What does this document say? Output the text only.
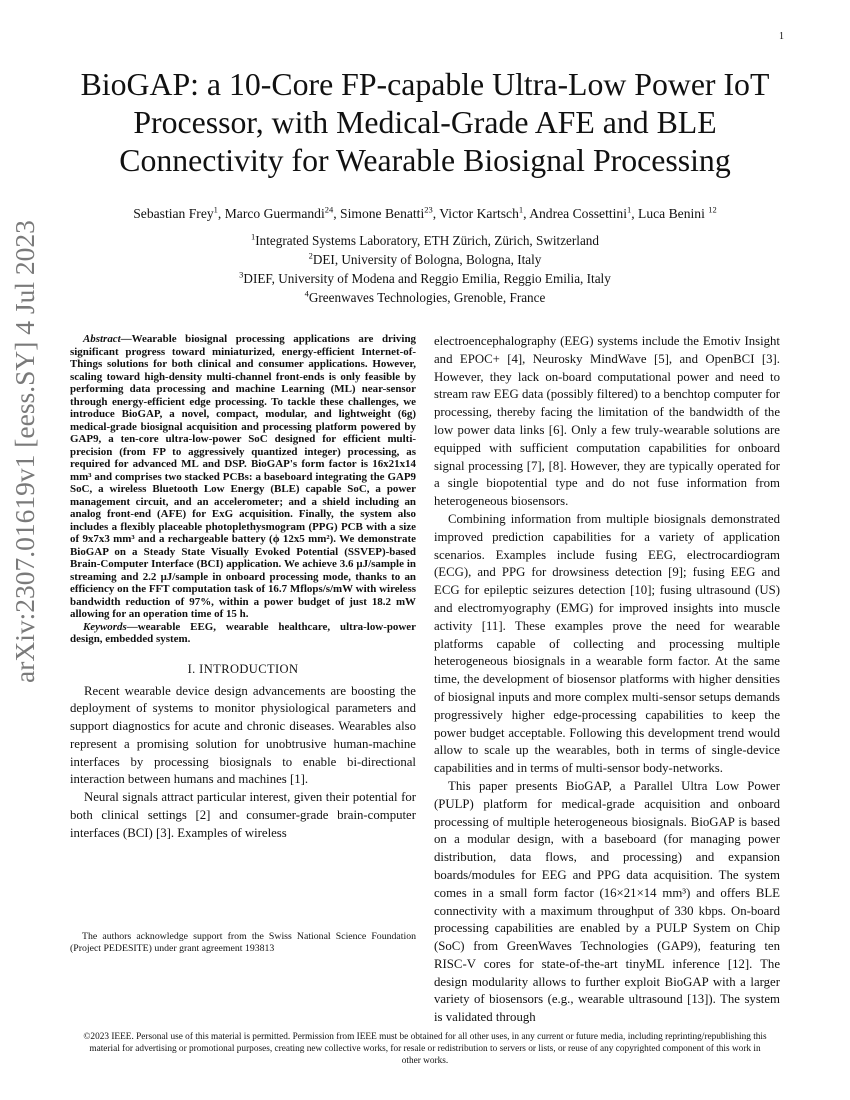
1
arXiv:2307.01619v1 [eess.SY] 4 Jul 2023
BioGAP: a 10-Core FP-capable Ultra-Low Power IoT Processor, with Medical-Grade AFE and BLE Connectivity for Wearable Biosignal Processing
Sebastian Frey$^1$, Marco Guermandi$^{24}$, Simone Benatti$^{23}$, Victor Kartsch$^1$, Andrea Cossettini$^1$, Luca Benini $^{12}$
$^1$Integrated Systems Laboratory, ETH Zürich, Zürich, Switzerland
$^2$DEI, University of Bologna, Bologna, Italy
$^3$DIEF, University of Modena and Reggio Emilia, Reggio Emilia, Italy
$^4$Greenwaves Technologies, Grenoble, France

Abstract—Wearable biosignal processing applications are driving significant progress toward miniaturized, energy-efficient Internet-of-Things solutions for both clinical and consumer applications. However, scaling toward high-density multi-channel front-ends is only feasible by performing data processing and machine Learning (ML) near-sensor through energy-efficient edge processing. To tackle these challenges, we introduce BioGAP, a novel, compact, modular, and lightweight (6g) medical-grade biosignal acquisition and processing platform powered by GAP9, a ten-core ultra-low-power SoC designed for efficient multi-precision (from FP to aggressively quantized integer) processing, as required for advanced ML and DSP. BioGAP's form factor is 16x21x14 mm³ and comprises two stacked PCBs: a baseboard integrating the GAP9 SoC, a wireless Bluetooth Low Energy (BLE) capable SoC, a power management circuit, and an accelerometer; and a shield including an analog front-end (AFE) for ExG acquisition. Finally, the system also includes a flexibly placeable photoplethysmogram (PPG) PCB with a size of 9x7x3 mm³ and a rechargeable battery (ϕ 12x5 mm²). We demonstrate BioGAP on a Steady State Visually Evoked Potential (SSVEP)-based Brain-Computer Interface (BCI) application. We achieve 3.6 μJ/sample in streaming and 2.2 μJ/sample in onboard processing mode, thanks to an efficiency on the FFT computation task of 16.7 Mflops/s/mW with wireless bandwidth reduction of 97%, within a power budget of just 18.2 mW allowing for an operation time of 15 h.

Keywords—wearable EEG, wearable healthcare, ultra-low-power design, embedded system.

I. INTRODUCTION

Recent wearable device design advancements are boosting the deployment of systems to monitor physiological parameters and support diagnostics for acute and chronic diseases. Wearables also represent a promising solution for unobtrusive human-machine interfaces by processing biosignals to enable bi-directional interaction between humans and machines [1].

Neural signals attract particular interest, given their potential for both clinical settings [2] and consumer-grade brain-computer interfaces (BCI) [3]. Examples of wireless

The authors acknowledge support from the Swiss National Science Foundation (Project PEDESITE) under grant agreement 193813

electroencephalography (EEG) systems include the Emotiv Insight and EPOC+ [4], Neurosky MindWave [5], and OpenBCI [3]. However, they lack on-board computational power and need to stream raw EEG data (possibly filtered) to a benchtop computer for processing, thereby facing the limitation of the bandwidth of the low power data links [6]. Only a few truly-wearable solutions are equipped with sufficient computation capabilities for onboard signal processing [7], [8]. However, they are typically operated for a single biopotential type and do not fuse information from heterogeneous biosensors.

Combining information from multiple biosignals demonstrated improved prediction capabilities for a variety of application scenarios. Examples include fusing EEG, electrocardiogram (ECG), and PPG for drowsiness detection [9]; fusing EEG and ECG for epileptic seizures detection [10]; fusing ultrasound (US) and electromyography (EMG) for improved insights into muscle activity [11]. These examples prove the need for wearable platforms capable of collecting and processing multiple heterogeneous biosignals in a wearable form factor. At the same time, the development of biosensor platforms with higher densities of biosignal inputs and more complex multi-sensor setups demands progressively higher edge-processing capabilities to keep the power budget acceptable. Following this development trend would allow to scale up the wearables, both in terms of single-device capabilities and in terms of multi-sensor body-networks.

This paper presents BioGAP, a Parallel Ultra Low Power (PULP) platform for medical-grade acquisition and onboard processing of multiple heterogeneous biosignals. BioGAP is based on a modular design, with a baseboard (for managing power distribution, data flows, and processing) and expansion boards/modules for EEG and PPG data acquisition. The system comes in a small form factor (16×21×14 mm³) and offers BLE connectivity with a maximum throughput of 330 kbps. On-board processing capabilities are enabled by a PULP System on Chip (SoC) from GreenWaves Technologies (GAP9), featuring ten RISC-V cores for state-of-the-art tinyML inference [12]. The design modularity allows to further exploit BioGAP with a larger variety of biosensors (e.g., wearable ultrasound [13]). The system is validated through

©2023 IEEE. Personal use of this material is permitted. Permission from IEEE must be obtained for all other uses, in any current or future media, including reprinting/republishing this material for advertising or promotional purposes, creating new collective works, for resale or redistribution to servers or lists, or reuse of any copyrighted component of this work in other works.
